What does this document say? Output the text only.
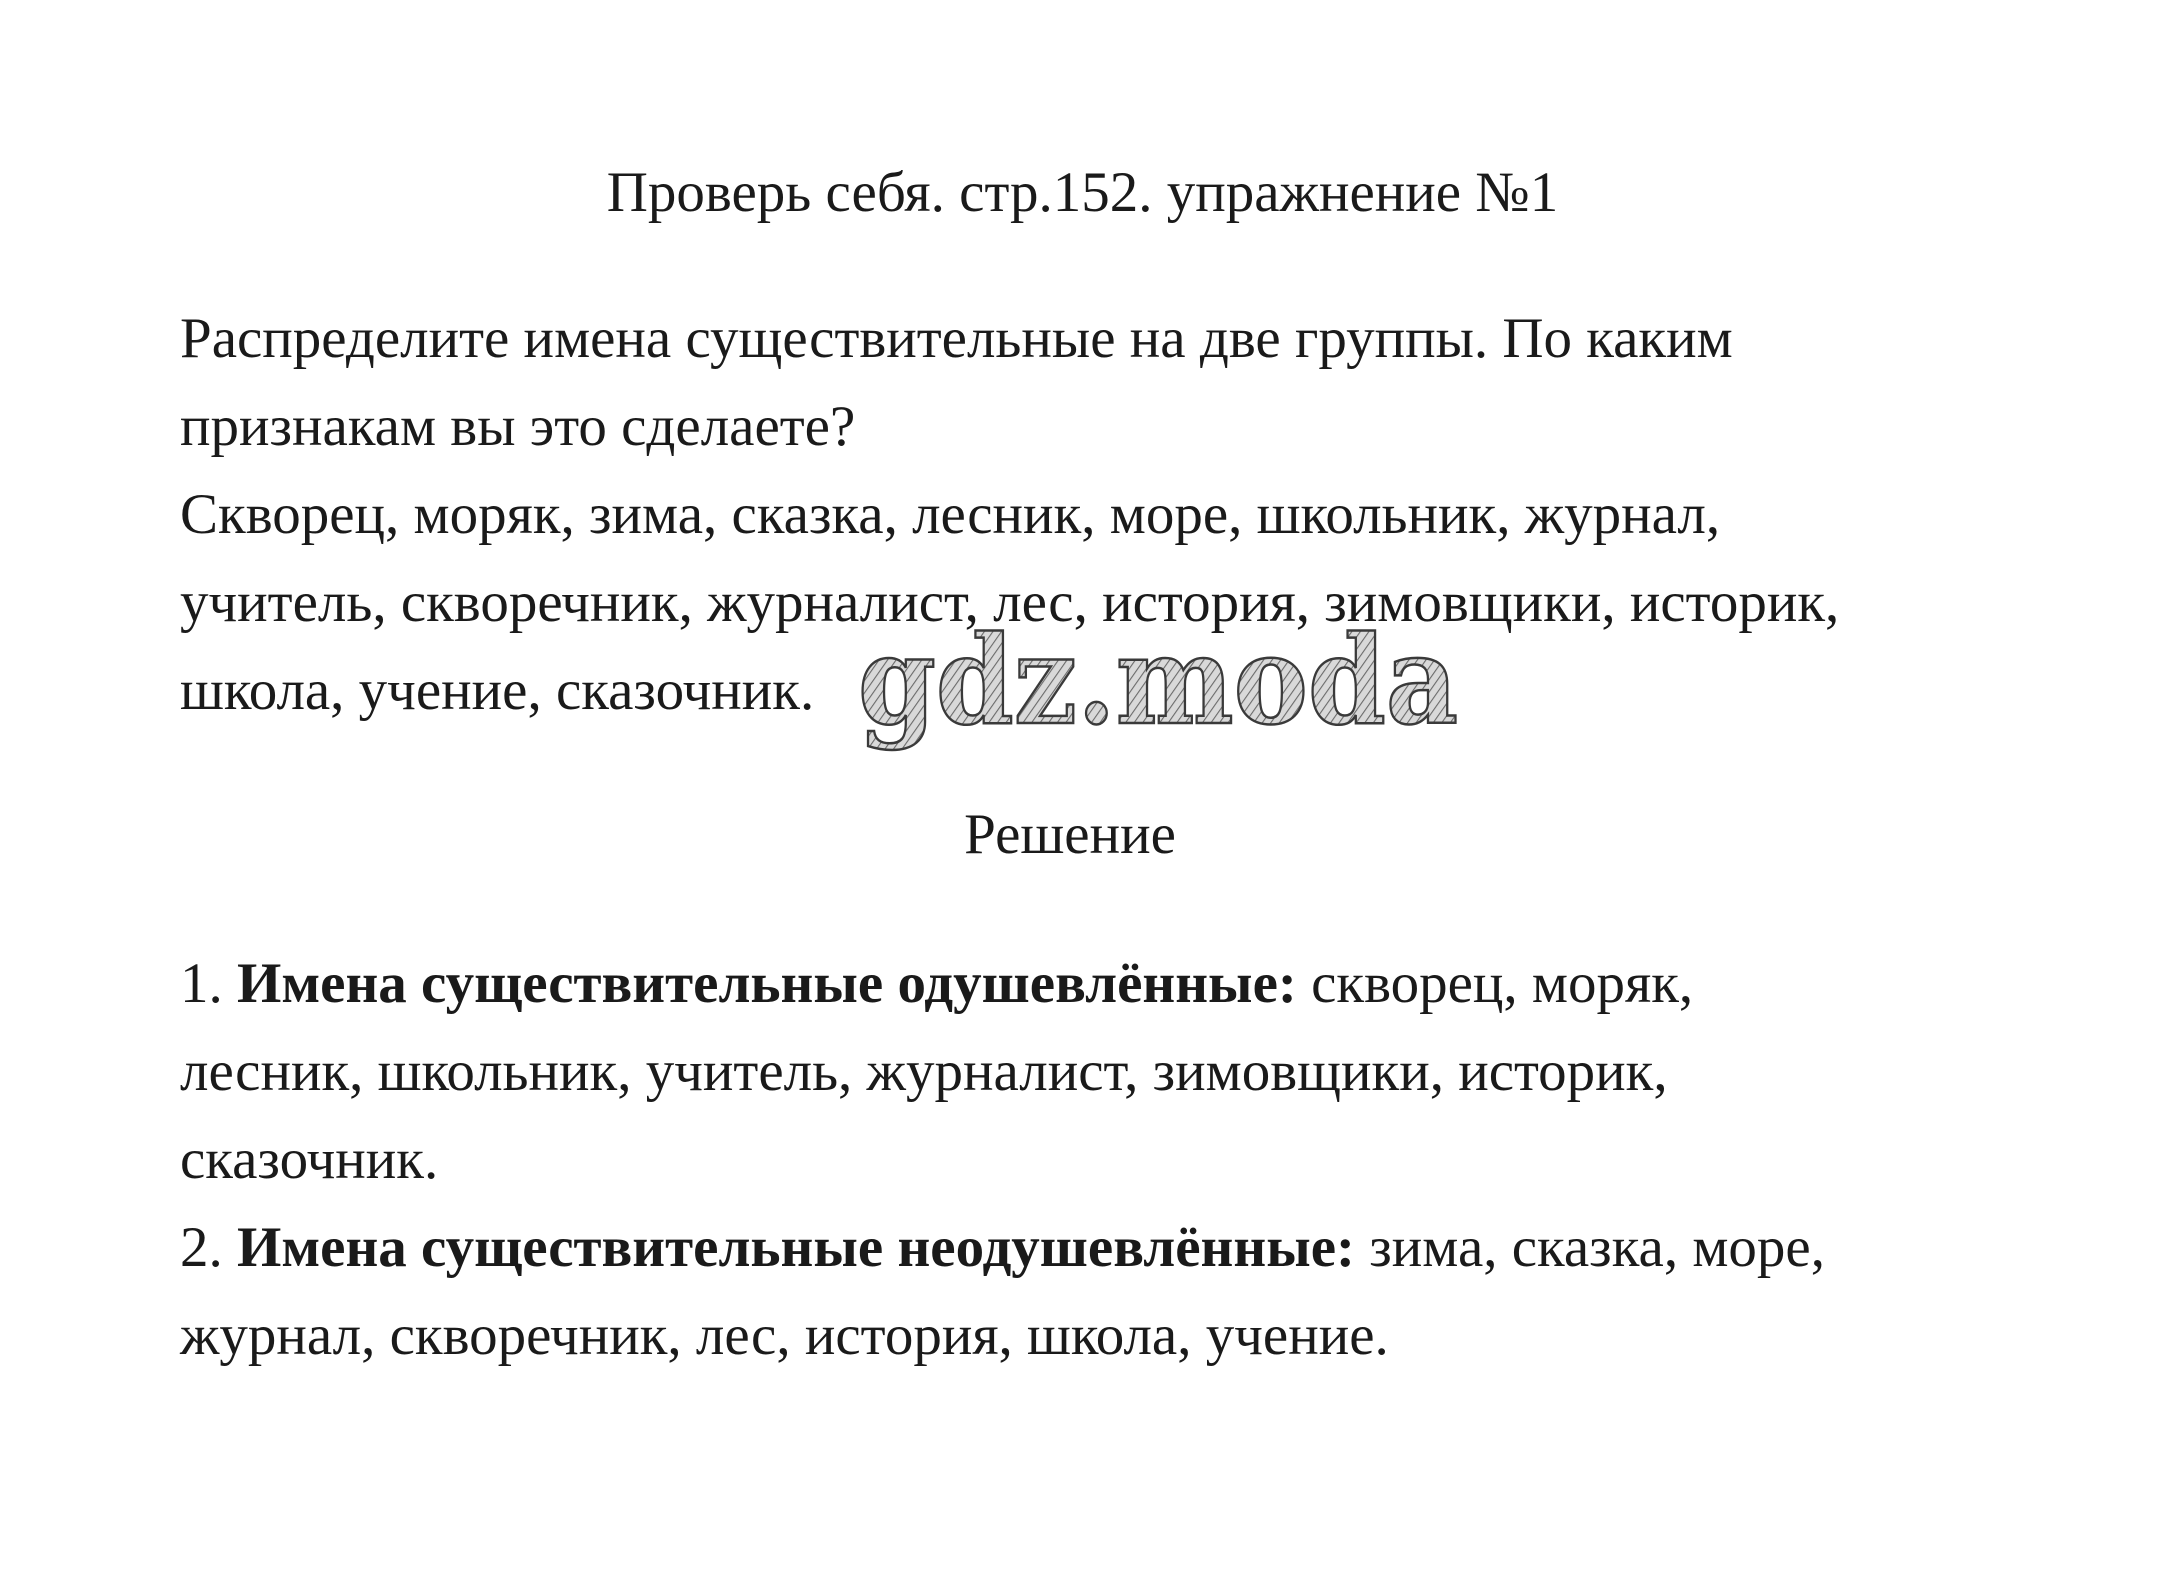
Проверь себя. стр.152. упражнение №1

Распределите имена существительные на две группы. По каким

признакам вы это сделаете?

Скворец, моряк, зима, сказка, лесник, море, школьник, журнал,

учитель, скворечник, журналист, лес, история, зимовщики, историк,

школа, учение, сказочник. gdz.moda
Решение

1. Имена существительные одушевлённые: скворец, моряк,

лесник, школьник, учитель, журналист, зимовщики, историк,

сказочник.

2. Имена существительные неодушевлённые: зима, сказка, море,

журнал, скворечник, лес, история, школа, учение.
